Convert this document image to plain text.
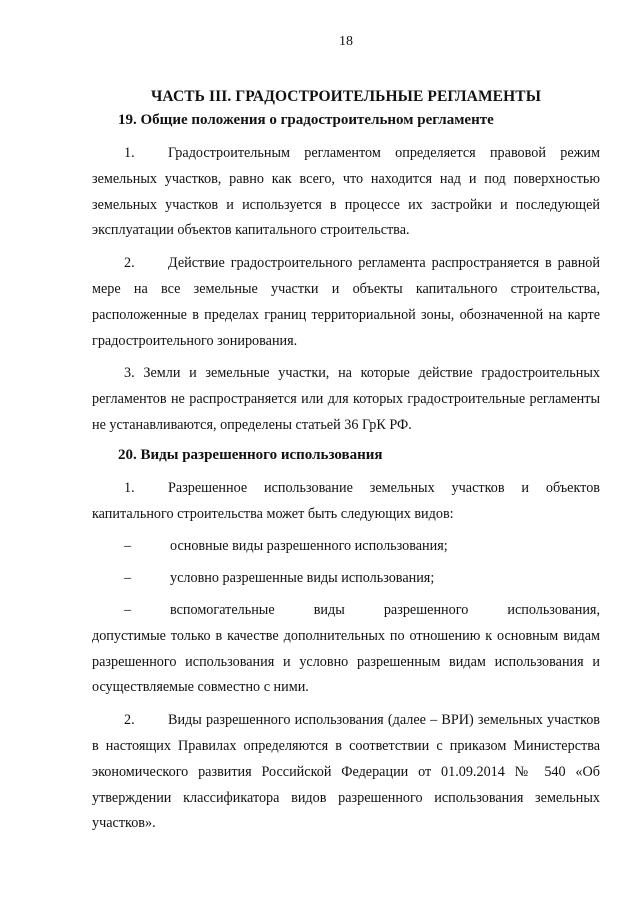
18
ЧАСТЬ III. ГРАДОСТРОИТЕЛЬНЫЕ РЕГЛАМЕНТЫ
19. Общие положения о градостроительном регламенте

1. Градостроительным регламентом определяется правовой режим земельных участков, равно как всего, что находится над и под поверхностью земельных участков и используется в процессе их застройки и последующей эксплуатации объектов капитального строительства.

2. Действие градостроительного регламента распространяется в равной мере на все земельные участки и объекты капитального строительства, расположенные в пределах границ территориальной зоны, обозначенной на карте градостроительного зонирования.

3. Земли и земельные участки, на которые действие градостроительных регламентов не распространяется или для которых градостроительные регламенты не устанавливаются, определены статьей 36 ГрК РФ.

20. Виды разрешенного использования

1. Разрешенное использование земельных участков и объектов капитального строительства может быть следующих видов:

–	основные виды разрешенного использования;
–	условно разрешенные виды использования;
–	вспомогательные виды разрешенного использования,

допустимые только в качестве дополнительных по отношению к основным видам разрешенного использования и условно разрешенным видам использования и осуществляемые совместно с ними.

2. Виды разрешенного использования (далее – ВРИ) земельных участков в настоящих Правилах определяются в соответствии с приказом Министерства экономического развития Российской Федерации от 01.09.2014 № 540 «Об утверждении классификатора видов разрешенного использования земельных участков».
